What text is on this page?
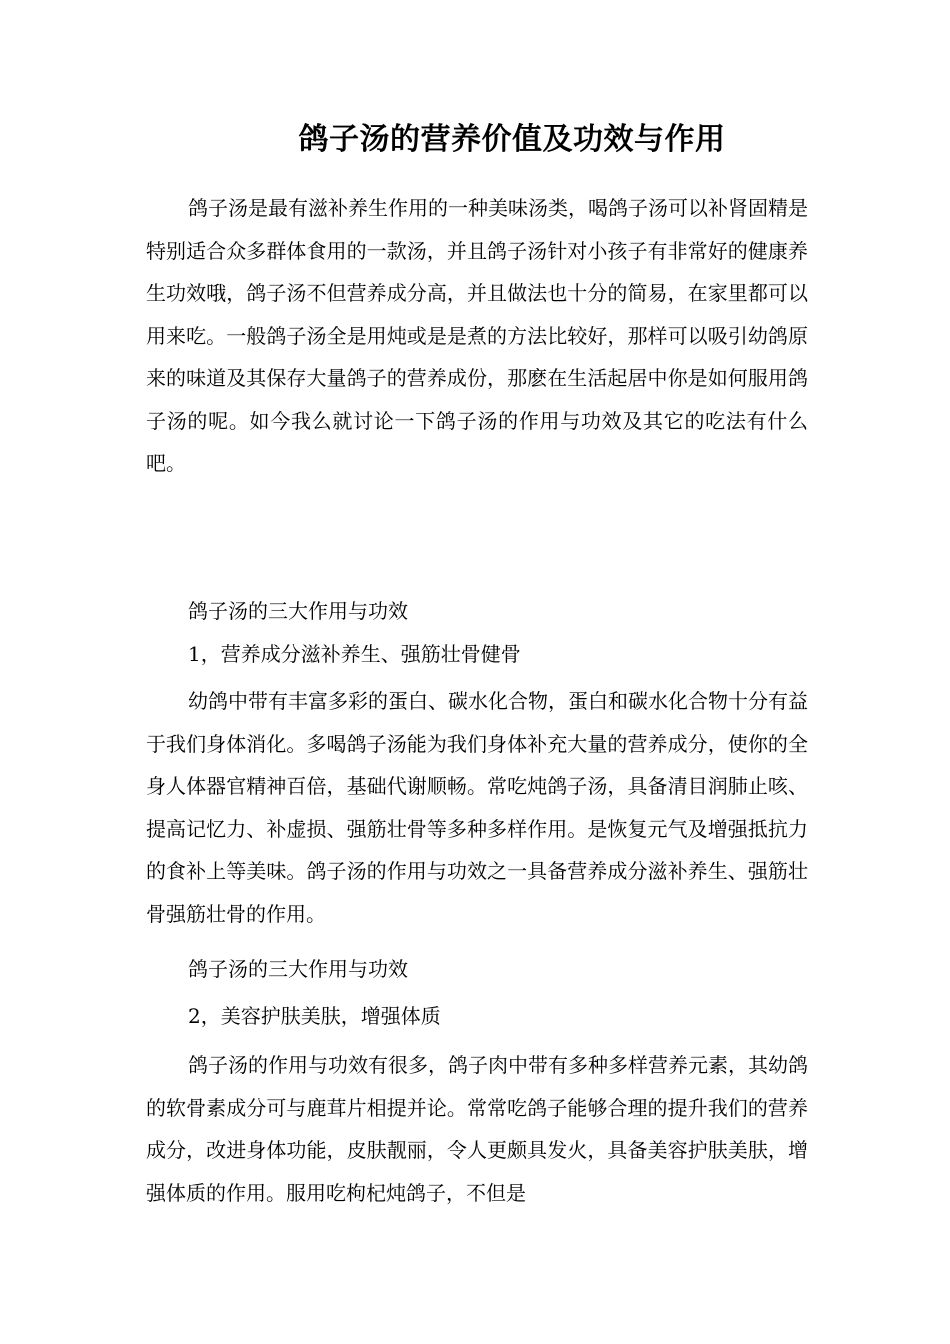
鸽子汤的营养价值及功效与作用

鸽子汤是最有滋补养生作用的一种美味汤类，喝鸽子汤可以补肾固精是特别适合众多群体食用的一款汤，并且鸽子汤针对小孩子有非常好的健康养生功效哦，鸽子汤不但营养成分高，并且做法也十分的简易，在家里都可以用来吃。一般鸽子汤全是用炖或是是煮的方法比较好，那样可以吸引幼鸽原来的味道及其保存大量鸽子的营养成份，那麽在生活起居中你是如何服用鸽子汤的呢。如今我么就讨论一下鸽子汤的作用与功效及其它的吃法有什么吧。

鸽子汤的三大作用与功效

1，营养成分滋补养生、强筋壮骨健骨

幼鸽中带有丰富多彩的蛋白、碳水化合物，蛋白和碳水化合物十分有益于我们身体消化。多喝鸽子汤能为我们身体补充大量的营养成分，使你的全身人体器官精神百倍，基础代谢顺畅。常吃炖鸽子汤，具备清目润肺止咳、提高记忆力、补虚损、强筋壮骨等多种多样作用。是恢复元气及增强抵抗力的食补上等美味。鸽子汤的作用与功效之一具备营养成分滋补养生、强筋壮骨强筋壮骨的作用。

鸽子汤的三大作用与功效

2，美容护肤美肤，增强体质

鸽子汤的作用与功效有很多，鸽子肉中带有多种多样营养元素，其幼鸽的软骨素成分可与鹿茸片相提并论。常常吃鸽子能够合理的提升我们的营养成分，改进身体功能，皮肤靓丽，令人更颇具发火，具备美容护肤美肤，增强体质的作用。服用吃枸杞炖鸽子，不但是
